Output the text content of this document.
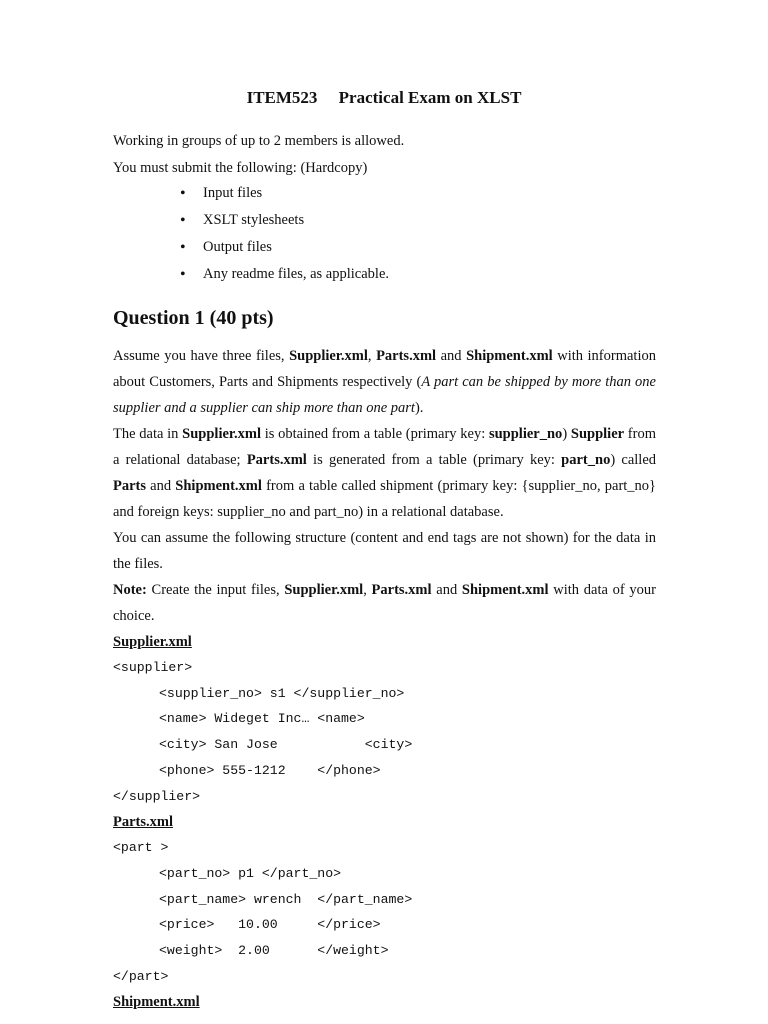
ITEM523     Practical Exam on XLST

Working in groups of up to 2 members is allowed.

You must submit the following: (Hardcopy)

• Input files
• XSLT stylesheets
• Output files
• Any readme files, as applicable.
Question 1 (40 pts)

Assume you have three files, Supplier.xml, Parts.xml and Shipment.xml with information about Customers, Parts and Shipments respectively (A part can be shipped by more than one supplier and a supplier can ship more than one part).

The data in Supplier.xml is obtained from a table (primary key: supplier_no) Supplier from a relational database; Parts.xml is generated from a table (primary key: part_no) called Parts and Shipment.xml from a table called shipment (primary key: {supplier_no, part_no} and foreign keys: supplier_no and part_no) in a relational database.

You can assume the following structure (content and end tags are not shown) for the data in the files.

Note: Create the input files, Supplier.xml, Parts.xml and Shipment.xml with data of your choice.

Supplier.xml

<supplier>
<supplier_no> s1 </supplier_no>
<name> Wideget Inc… <name>
<city> San Jose           <city>
<phone> 555-1212    </phone>
</supplier>

Parts.xml

<part >
<part_no> p1 </part_no>
<part_name> wrench  </part_name>
<price>   10.00     </price>
<weight>  2.00      </weight>
</part>

Shipment.xml
